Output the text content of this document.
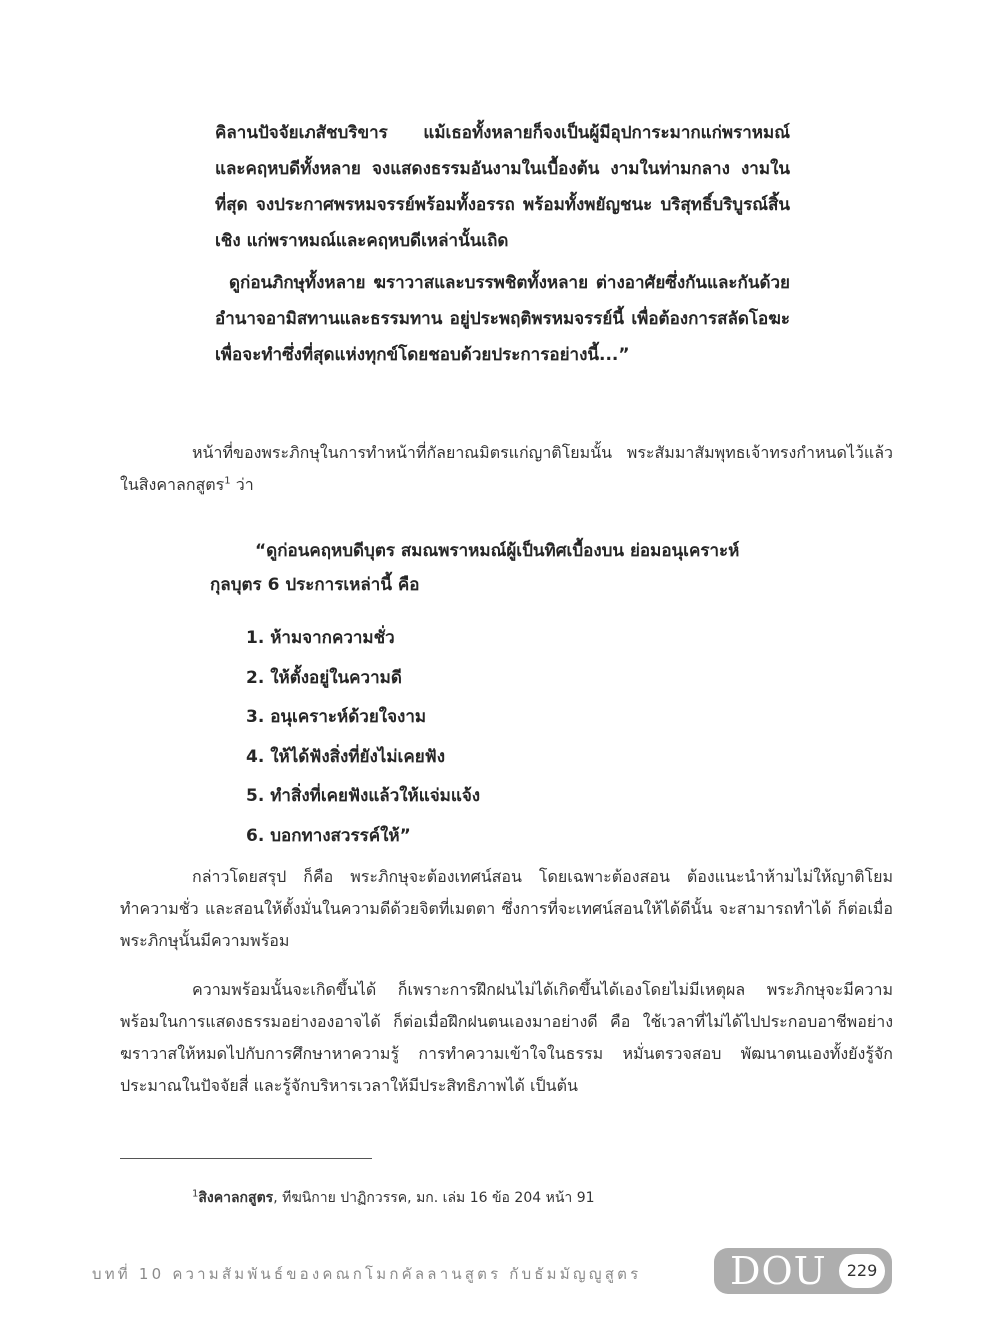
คิลานปัจจัยเภสัชบริขาร แม้เธอทั้งหลายก็จงเป็นผู้มีอุปการะมากแก่พราหมณ์และคฤหบดีทั้งหลาย จงแสดงธรรมอันงามในเบื้องต้น งามในท่ามกลาง งามในที่สุด จงประกาศพรหมจรรย์พร้อมทั้งอรรถ พร้อมทั้งพยัญชนะ บริสุทธิ์บริบูรณ์สิ้นเชิง แก่พราหมณ์และคฤหบดีเหล่านั้นเถิด

ดูก่อนภิกษุทั้งหลาย ฆราวาสและบรรพชิตทั้งหลาย ต่างอาศัยซึ่งกันและกันด้วยอำนาจอามิสทานและธรรมทาน อยู่ประพฤติพรหมจรรย์นี้ เพื่อต้องการสลัดโอฆะเพื่อจะทำซึ่งที่สุดแห่งทุกข์โดยชอบด้วยประการอย่างนี้...”

หน้าที่ของพระภิกษุในการทำหน้าที่กัลยาณมิตรแก่ญาติโยมนั้น พระสัมมาสัมพุทธเจ้าทรงกำหนดไว้แล้วในสิงคาลกสูตร$^1$ ว่า

“ดูก่อนคฤหบดีบุตร สมณพราหมณ์ผู้เป็นทิศเบื้องบน ย่อมอนุเคราะห์กุลบุตร 6 ประการเหล่านี้ คือ

1. ห้ามจากความชั่ว
2. ให้ตั้งอยู่ในความดี
3. อนุเคราะห์ด้วยใจงาม
4. ให้ได้ฟังสิ่งที่ยังไม่เคยฟัง
5. ทำสิ่งที่เคยฟังแล้วให้แจ่มแจ้ง
6. บอกทางสวรรค์ให้”

กล่าวโดยสรุป ก็คือ พระภิกษุจะต้องเทศน์สอน โดยเฉพาะต้องสอน ต้องแนะนำห้ามไม่ให้ญาติโยมทำความชั่ว และสอนให้ตั้งมั่นในความดีด้วยจิตที่เมตตา ซึ่งการที่จะเทศน์สอนให้ได้ดีนั้น จะสามารถทำได้ ก็ต่อเมื่อพระภิกษุนั้นมีความพร้อม

ความพร้อมนั้นจะเกิดขึ้นได้ ก็เพราะการฝึกฝนไม่ได้เกิดขึ้นได้เองโดยไม่มีเหตุผล พระภิกษุจะมีความพร้อมในการแสดงธรรมอย่างองอาจได้ ก็ต่อเมื่อฝึกฝนตนเองมาอย่างดี คือ ใช้เวลาที่ไม่ได้ไปประกอบอาชีพอย่างฆราวาสให้หมดไปกับการศึกษาหาความรู้ การทำความเข้าใจในธรรม หมั่นตรวจสอบ พัฒนาตนเองทั้งยังรู้จักประมาณในปัจจัยสี่ และรู้จักบริหารเวลาให้มีประสิทธิภาพได้ เป็นต้น

$^1$สิงคาลกสูตร, ทีฆนิกาย ปาฏิกวรรค, มก. เล่ม 16 ข้อ 204 หน้า 91

บทที่ 10 ความสัมพันธ์ของคณกโมกคัลลานสูตร กับธัมมัญญูสูตร DOU	229
